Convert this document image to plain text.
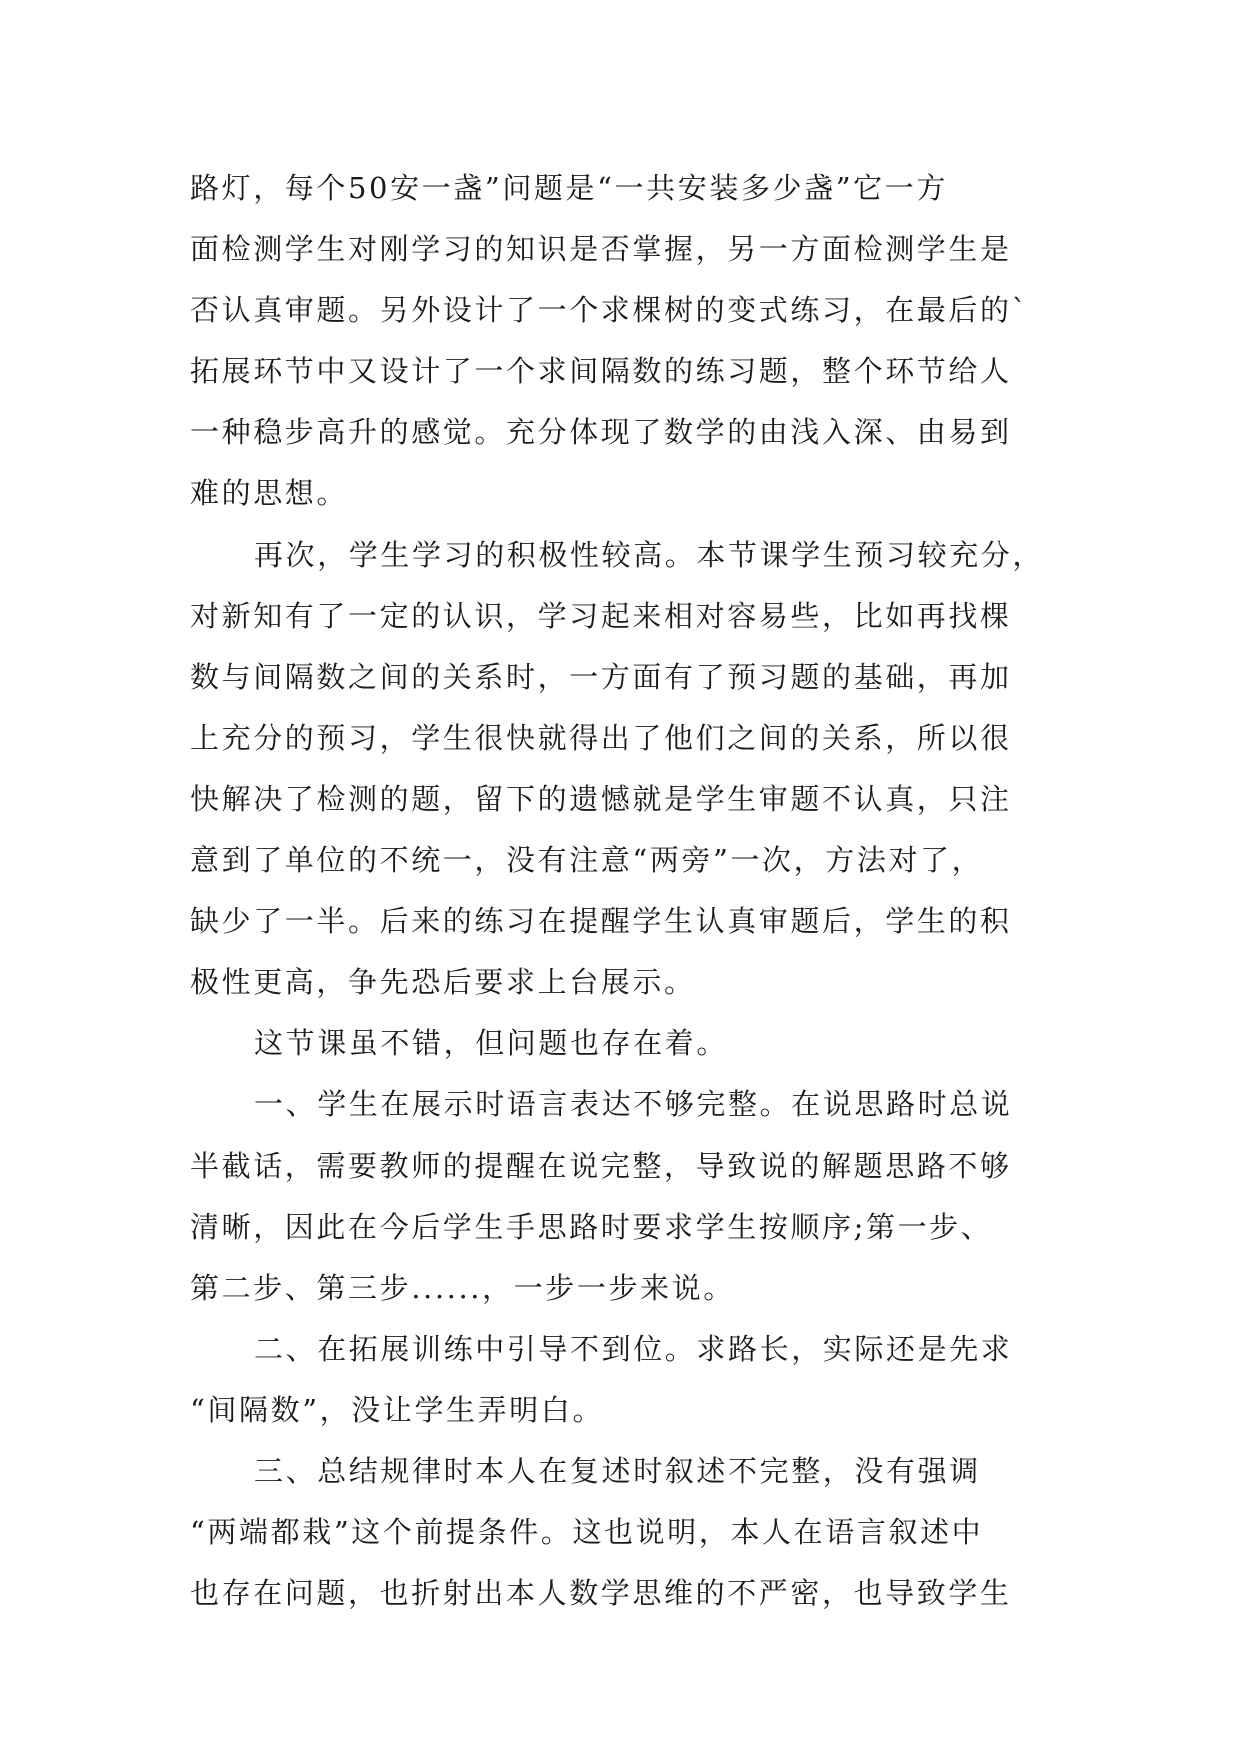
路灯，每个50安一盏”问题是“一共安装多少盏”它一方
面检测学生对刚学习的知识是否掌握，另一方面检测学生是
否认真审题。另外设计了一个求棵树的变式练习，在最后的`
拓展环节中又设计了一个求间隔数的练习题，整个环节给人
一种稳步高升的感觉。充分体现了数学的由浅入深、由易到
难的思想。
再次，学生学习的积极性较高。本节课学生预习较充分，
对新知有了一定的认识，学习起来相对容易些，比如再找棵
数与间隔数之间的关系时，一方面有了预习题的基础，再加
上充分的预习，学生很快就得出了他们之间的关系，所以很
快解决了检测的题，留下的遗憾就是学生审题不认真，只注
意到了单位的不统一，没有注意“两旁”一次，方法对了，
缺少了一半。后来的练习在提醒学生认真审题后，学生的积
极性更高，争先恐后要求上台展示。
这节课虽不错，但问题也存在着。
一、学生在展示时语言表达不够完整。在说思路时总说
半截话，需要教师的提醒在说完整，导致说的解题思路不够
清晰，因此在今后学生手思路时要求学生按顺序;第一步、
第二步、第三步......，一步一步来说。
二、在拓展训练中引导不到位。求路长，实际还是先求
“间隔数”，没让学生弄明白。
三、总结规律时本人在复述时叙述不完整，没有强调
“两端都栽”这个前提条件。这也说明，本人在语言叙述中
也存在问题，也折射出本人数学思维的不严密，也导致学生
